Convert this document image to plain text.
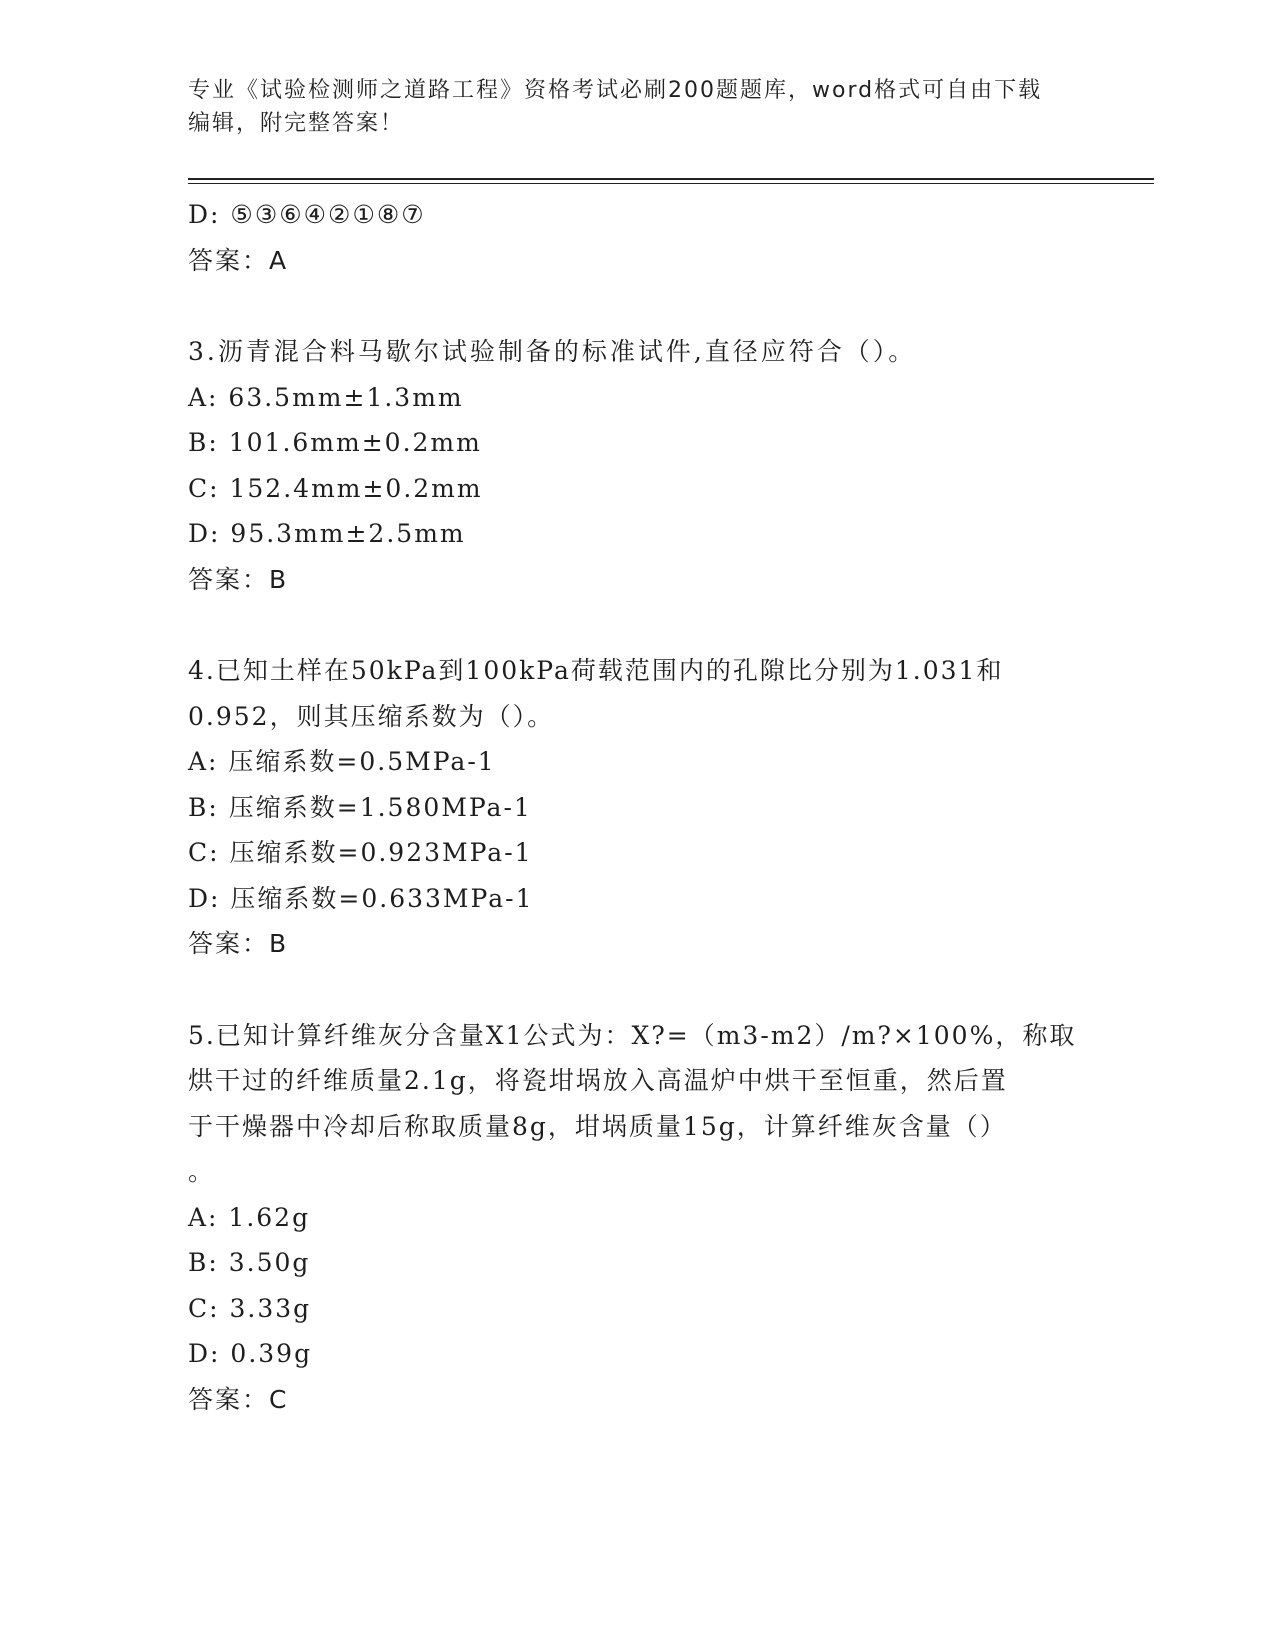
专业《试验检测师之道路工程》资格考试必刷200题题库，word格式可自由下载
编辑，附完整答案！
D: ⑤③⑥④②①⑧⑦
答案：A
3.沥青混合料马歇尔试验制备的标准试件,直径应符合（）。
A: 63.5mm±1.3mm
B: 101.6mm±0.2mm
C: 152.4mm±0.2mm
D: 95.3mm±2.5mm
答案：B
4.已知土样在50kPa到100kPa荷载范围内的孔隙比分别为1.031和
0.952，则其压缩系数为（）。
A: 压缩系数=0.5MPa-1
B: 压缩系数=1.580MPa-1
C: 压缩系数=0.923MPa-1
D: 压缩系数=0.633MPa-1
答案：B
5.已知计算纤维灰分含量X1公式为：X?=（m3-m2）/m?×100%，称取
烘干过的纤维质量2.1g，将瓷坩埚放入高温炉中烘干至恒重，然后置
于干燥器中冷却后称取质量8g，坩埚质量15g，计算纤维灰含量（）
。
A: 1.62g
B: 3.50g
C: 3.33g
D: 0.39g
答案：C
